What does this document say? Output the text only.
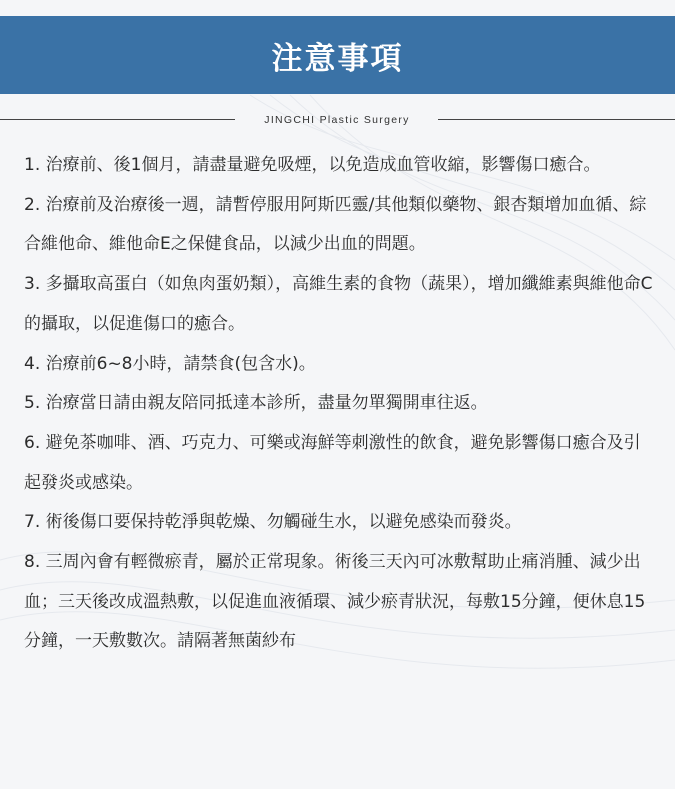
注意事項
JINGCHI Plastic Surgery

1. 治療前、後1個月，請盡量避免吸煙，以免造成血管收縮，影響傷口癒合。

2. 治療前及治療後一週，請暫停服用阿斯匹靈/其他類似藥物、銀杏類增加血循、綜合維他命、維他命E之保健食品，以減少出血的問題。

3. 多攝取高蛋白（如魚肉蛋奶類），高維生素的食物（蔬果），增加纖維素與維他命C的攝取，以促進傷口的癒合。

4. 治療前6~8小時，請禁食(包含水)。

5. 治療當日請由親友陪同抵達本診所，盡量勿單獨開車往返。

6. 避免茶咖啡、酒、巧克力、可樂或海鮮等刺激性的飲食，避免影響傷口癒合及引起發炎或感染。

7. 術後傷口要保持乾淨與乾燥、勿觸碰生水，以避免感染而發炎。

8. 三周內會有輕微瘀青，屬於正常現象。術後三天內可冰敷幫助止痛消腫、減少出血；三天後改成溫熱敷，以促進血液循環、減少瘀青狀況，每敷15分鐘，便休息15分鐘，一天敷數次。請隔著無菌紗布
